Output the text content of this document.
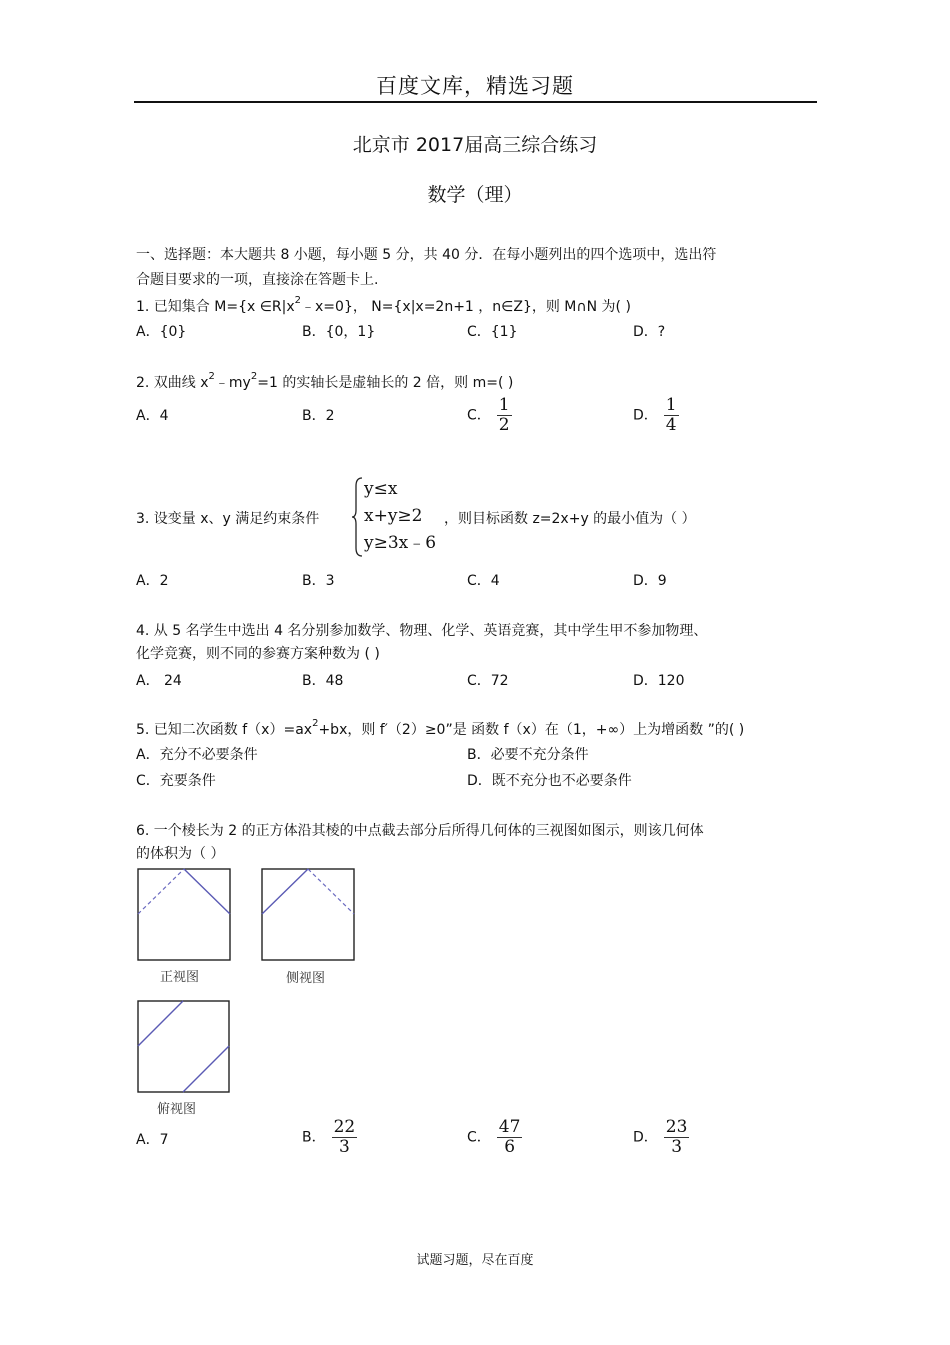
百度文库，精选习题
北京市 2017届高三综合练习
数学（理）
一、选择题：本大题共 8 小题，每小题 5 分，共 40 分．在每小题列出的四个选项中，选出符
合题目要求的一项，直接涂在答题卡上.
1. 已知集合 M={x $\in R|x^2﹣x=0$}， N={x|x=2n+1 ，n∈Z}，则 M∩N 为( )
A．{0}	B．{0，1}	C．{1}	D．?
2. 双曲线 $x^2﹣my^2=1$ 的实轴长是虚轴长的 2 倍，则 m=( )
A．4	B．2	C． $\frac{1}{2}$	D． $\frac{1}{4}$
3. 设变量 x、y 满足约束条件
y≤x
x+y≥2
y≥3x﹣6
，则目标函数 z=2x+y 的最小值为（ ）
A．2	B．3	C．4	D．9
4. 从 5 名学生中选出 4 名分别参加数学、物理、化学、英语竞赛，其中学生甲不参加物理、
化学竞赛，则不同的参赛方案种数为 ( )
A． 24	B．48	C．72	D．120
5. 已知二次函数 $f(x)=ax^2+bx$，则 f′（2）≥0”是 函数 f（x）在（1，+∞）上为增函数 ”的( )
A．充分不必要条件	B．必要不充分条件
C．充要条件	D．既不充分也不必要条件
6. 一个棱长为 2 的正方体沿其棱的中点截去部分后所得几何体的三视图如图示，则该几何体
的体积为（ ）
正视图	侧视图
俯视图
A．7	B． $\frac{22}{3}$	C． $\frac{47}{6}$	D． $\frac{23}{3}$
试题习题，尽在百度
